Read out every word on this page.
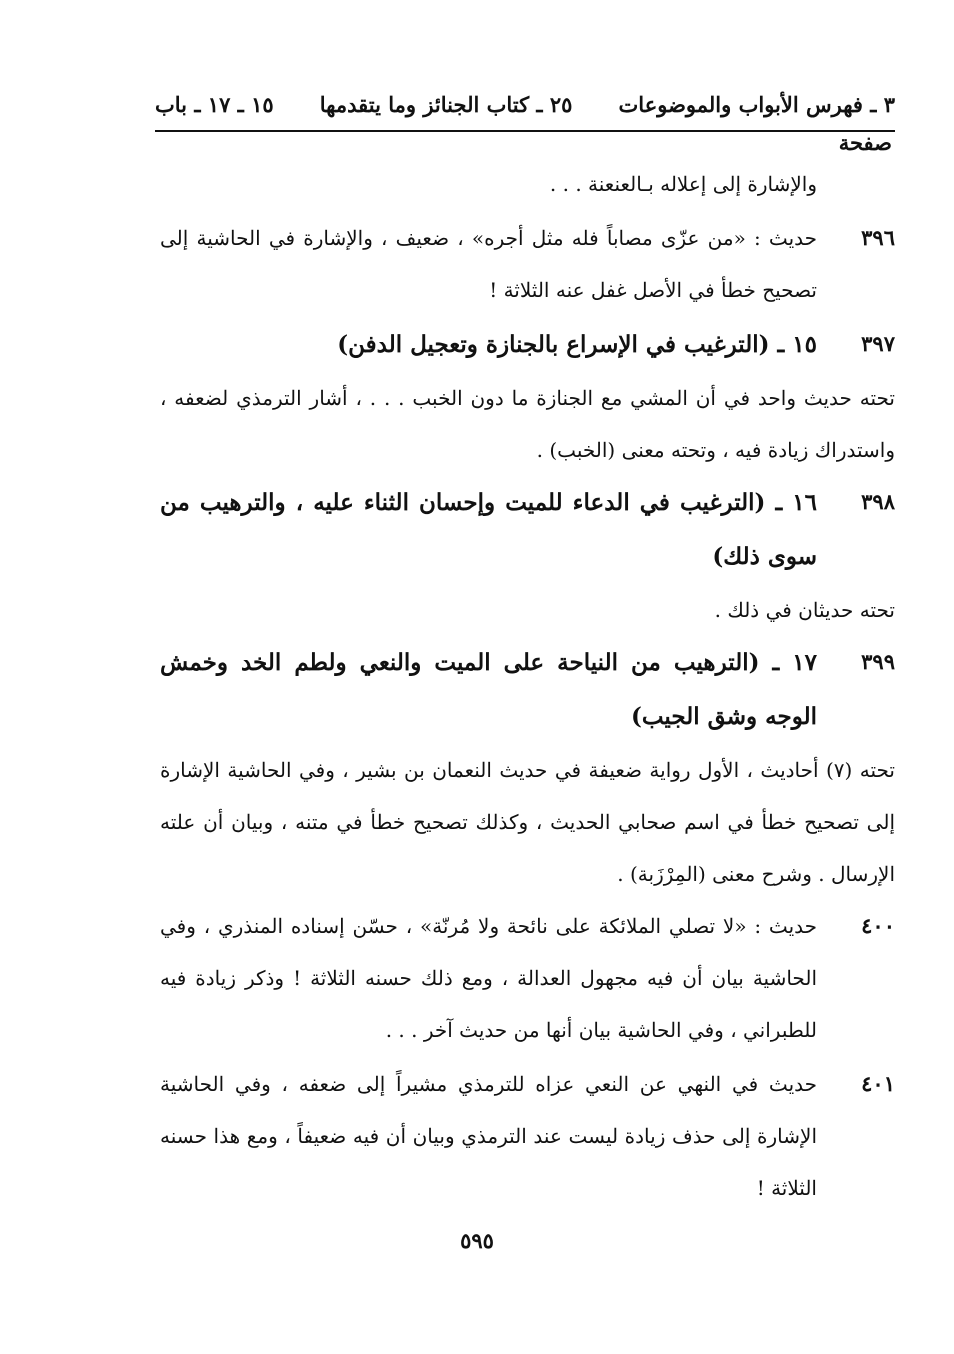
٣ ـ فهرس الأبواب والموضوعات
٢٥ ـ كتاب الجنائز وما يتقدمها
١٥ ـ ١٧ ـ باب
صفحة
والإشارة إلى إعلاله بـالعنعنة . . .
٣٩٦
حديث : «من عزّى مصاباً فله مثل أجره» ، ضعيف ، والإشارة في الحاشية إلى تصحيح خطأ في الأصل غفل عنه الثلاثة !
٣٩٧
١٥ ـ (الترغيب في الإسراع بالجنازة وتعجيل الدفن)
تحته حديث واحد في أن المشي مع الجنازة ما دون الخبب . . . ، أشار الترمذي لضعفه ، واستدراك زيادة فيه ، وتحته معنى (الخبب) .
٣٩٨
١٦ ـ (الترغيب في الدعاء للميت وإحسان الثناء عليه ، والترهيب من سوى ذلك)
تحته حديثان في ذلك .
٣٩٩
١٧ ـ (الترهيب من النياحة على الميت والنعي ولطم الخد وخمش الوجه وشق الجيب)
تحته (٧) أحاديث ، الأول رواية ضعيفة في حديث النعمان بن بشير ، وفي الحاشية الإشارة إلى تصحيح خطأ في اسم صحابي الحديث ، وكذلك تصحيح خطأ في متنه ، وبيان أن علته الإرسال . وشرح معنى (المِرْزَبة) .
٤٠٠
حديث : «لا تصلي الملائكة على نائحة ولا مُرنّة» ، حسّن إسناده المنذري ، وفي الحاشية بيان أن فيه مجهول العدالة ، ومع ذلك حسنه الثلاثة ! وذكر زيادة فيه للطبراني ، وفي الحاشية بيان أنها من حديث آخر . . .
٤٠١
حديث في النهي عن النعي عزاه للترمذي مشيراً إلى ضعفه ، وفي الحاشية الإشارة إلى حذف زيادة ليست عند الترمذي وبيان أن فيه ضعيفاً ، ومع هذا حسنه الثلاثة !
٥٩٥
